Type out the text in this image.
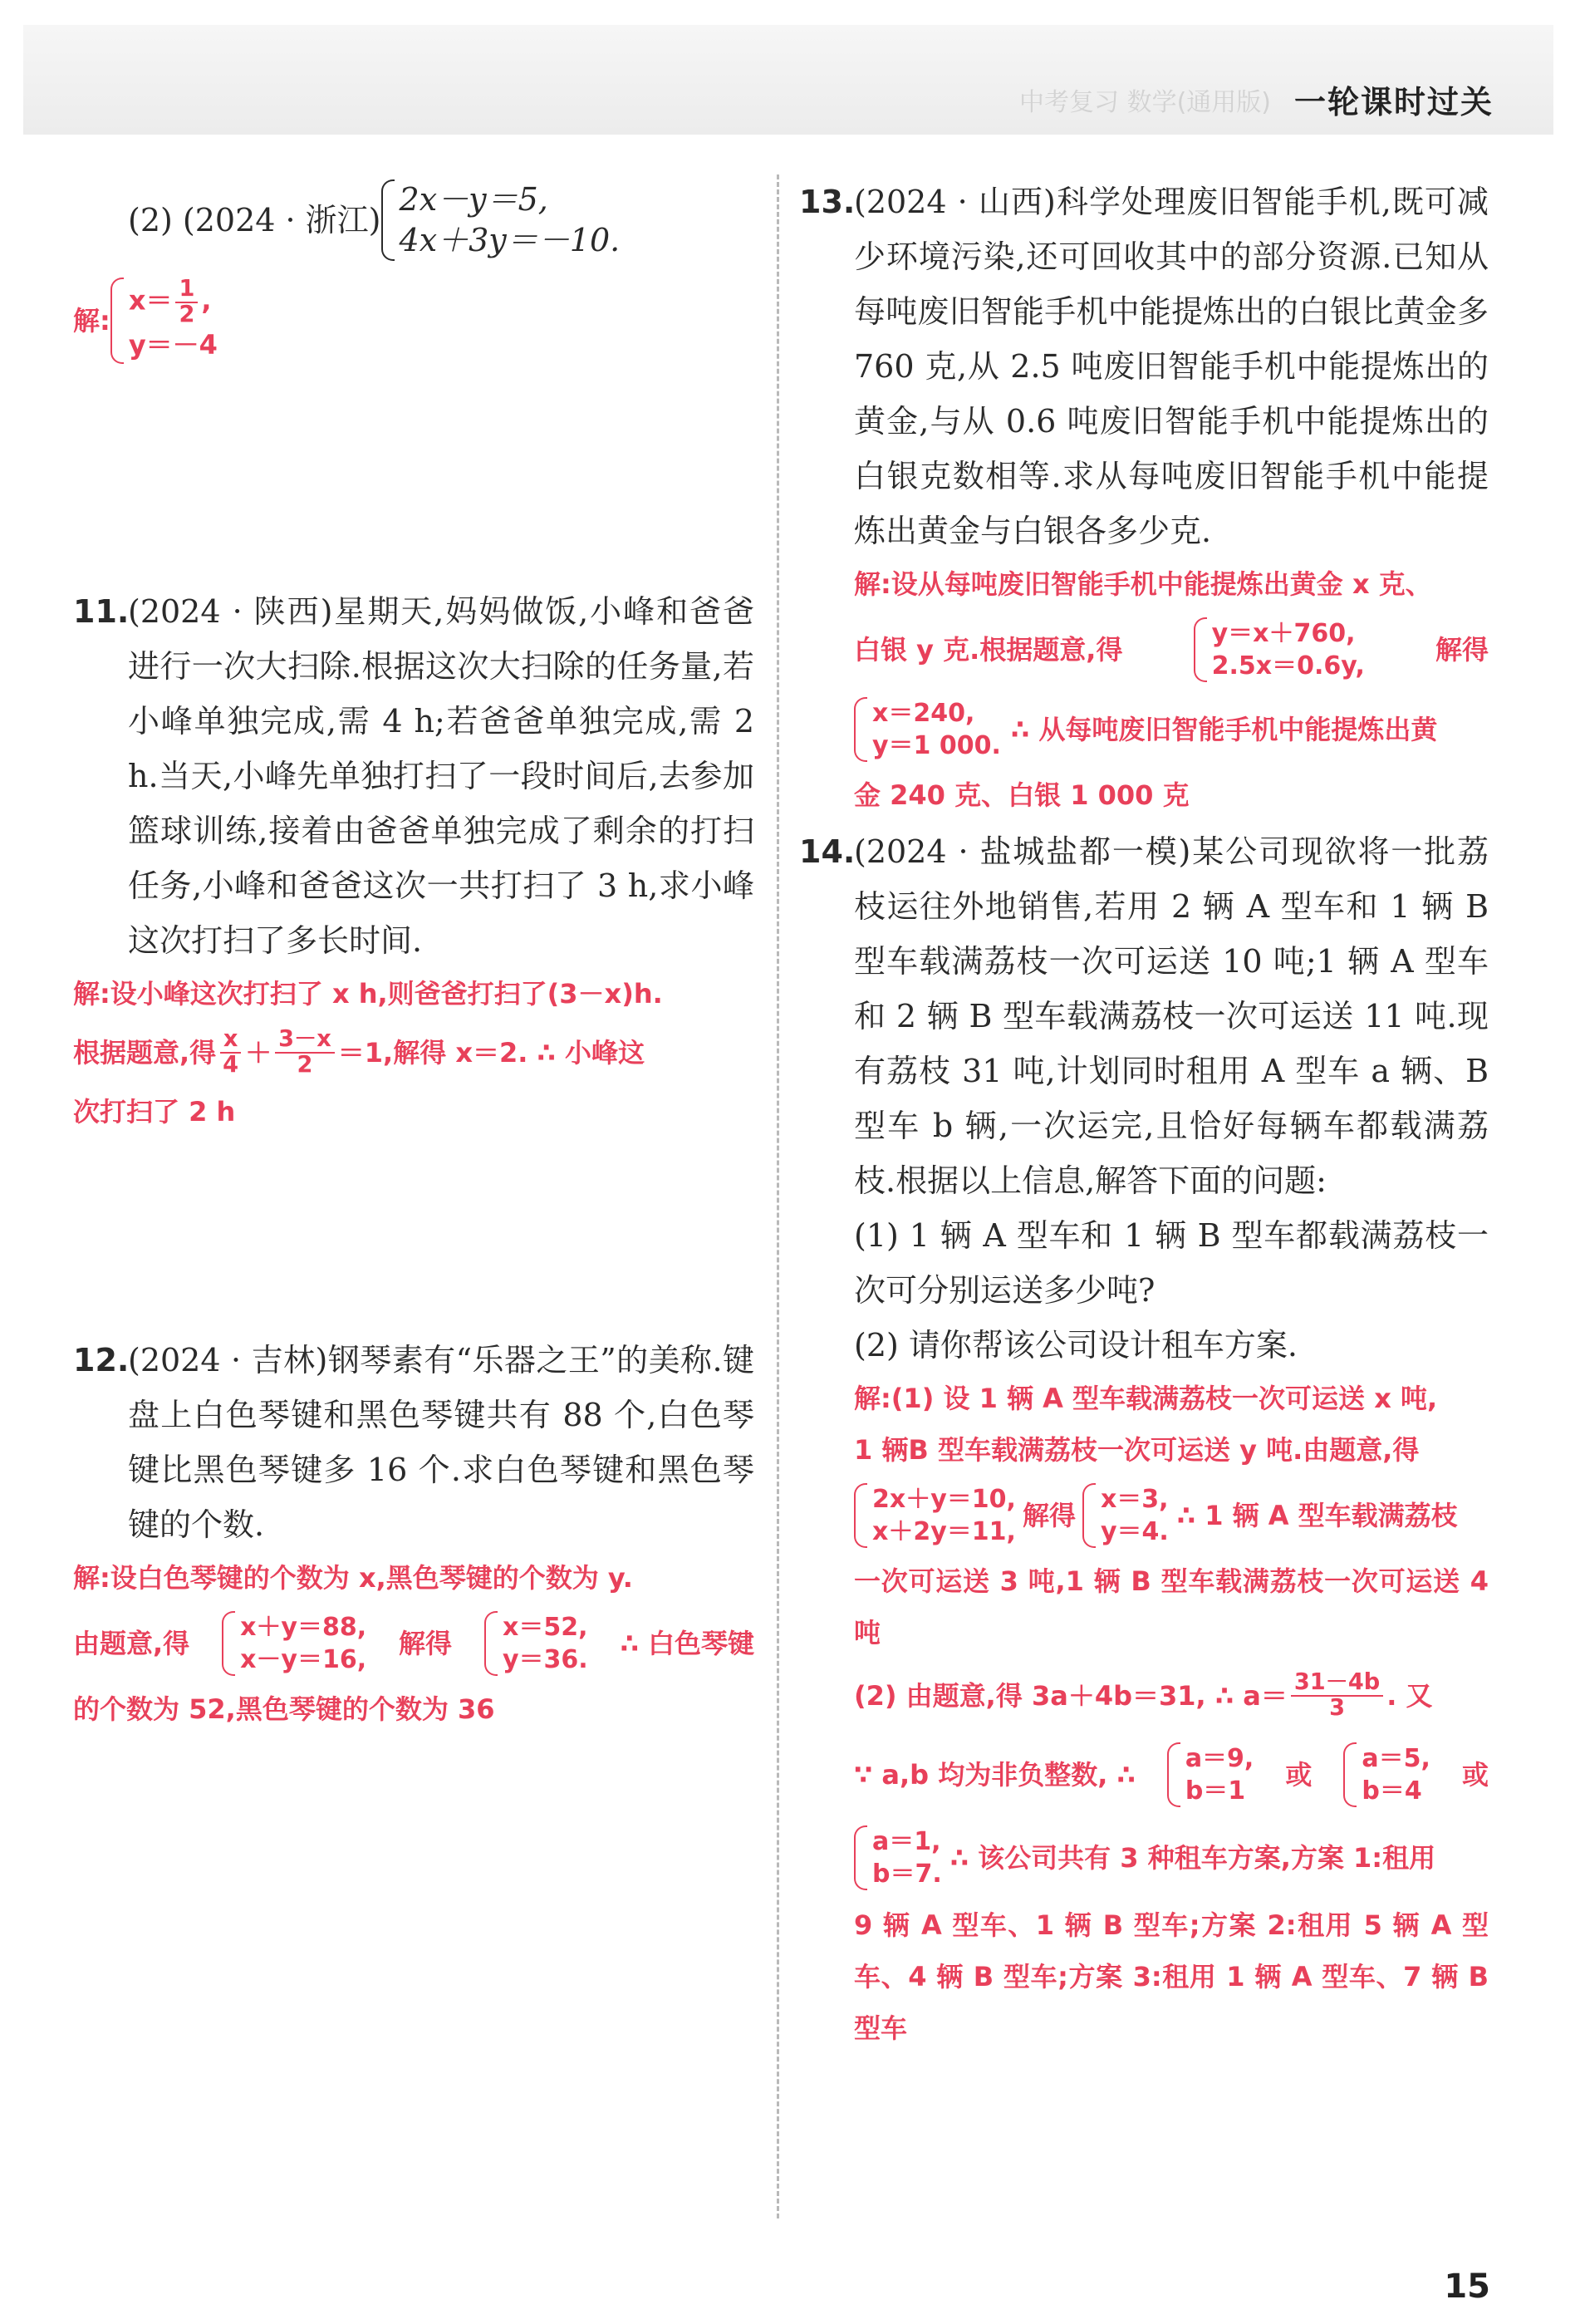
中考复习 数学(通用版) 一轮课时过关
(2) (2024 · 浙江)
2x－y＝5,
4x＋3y＝－10.
解:
$x= \frac{1}{2}$ ,
y＝－4
11.
(2024 · 陕西)星期天,妈妈做饭,小峰和爸爸进行一次大扫除.根据这次大扫除的任务量,若小峰单独完成,需 4 h;若爸爸单独完成,需 2 h.当天,小峰先单独打扫了一段时间后,去参加篮球训练,接着由爸爸单独完成了剩余的打扫任务,小峰和爸爸这次一共打扫了 3 h,求小峰这次打扫了多长时间.
解:设小峰这次打扫了 x h,则爸爸打扫了(3－x)h.
根据题意,得 $\frac{x}{4} + \frac{3-x}{2} =1$,解得 x＝2. ∴ 小峰这
次打扫了 2 h
12.
(2024 · 吉林)钢琴素有“乐器之王”的美称.键盘上白色琴键和黑色琴键共有 88 个,白色琴键比黑色琴键多 16 个.求白色琴键和黑色琴键的个数.
解:设白色琴键的个数为 x,黑色琴键的个数为 y.
由题意,得
x＋y＝88,
x－y＝16,
解得
x＝52,
y＝36.
∴ 白色琴键
的个数为 52,黑色琴键的个数为 36
13.
(2024 · 山西)科学处理废旧智能手机,既可减少环境污染,还可回收其中的部分资源.已知从每吨废旧智能手机中能提炼出的白银比黄金多 760 克,从 2.5 吨废旧智能手机中能提炼出的黄金,与从 0.6 吨废旧智能手机中能提炼出的白银克数相等.求从每吨废旧智能手机中能提炼出黄金与白银各多少克.
解:设从每吨废旧智能手机中能提炼出黄金 x 克、
白银 y 克.根据题意,得
y＝x＋760,
2.5x＝0.6y,
解得
x＝240,
y＝1 000.
∴ 从每吨废旧智能手机中能提炼出黄
金 240 克、白银 1 000 克
14.
(2024 · 盐城盐都一模)某公司现欲将一批荔枝运往外地销售,若用 2 辆 A 型车和 1 辆 B 型车载满荔枝一次可运送 10 吨;1 辆 A 型车和 2 辆 B 型车载满荔枝一次可运送 11 吨.现有荔枝 31 吨,计划同时租用 A 型车 a 辆、B 型车 b 辆,一次运完,且恰好每辆车都载满荔枝.根据以上信息,解答下面的问题:
(1) 1 辆 A 型车和 1 辆 B 型车都载满荔枝一次可分别运送多少吨?
(2) 请你帮该公司设计租车方案.
解:(1) 设 1 辆 A 型车载满荔枝一次可运送 x 吨,
1 辆B 型车载满荔枝一次可运送 y 吨.由题意,得
2x＋y＝10,
x＋2y＝11,
解得
x＝3,
y＝4.
∴ 1 辆 A 型车载满荔枝
一次可运送 3 吨,1 辆 B 型车载满荔枝一次可运送 4 吨
(2) 由题意,得 3a＋4b＝31, ∴ $a= \frac{31-4b}{3}$ . 又
∵ a,b 均为非负整数, ∴
a＝9,
b＝1
或
a＝5,
b＝4
或
a＝1,
b＝7.
∴ 该公司共有 3 种租车方案,方案 1:租用
9 辆 A 型车、1 辆 B 型车;方案 2:租用 5 辆 A 型车、4 辆 B 型车;方案 3:租用 1 辆 A 型车、7 辆 B 型车
15
